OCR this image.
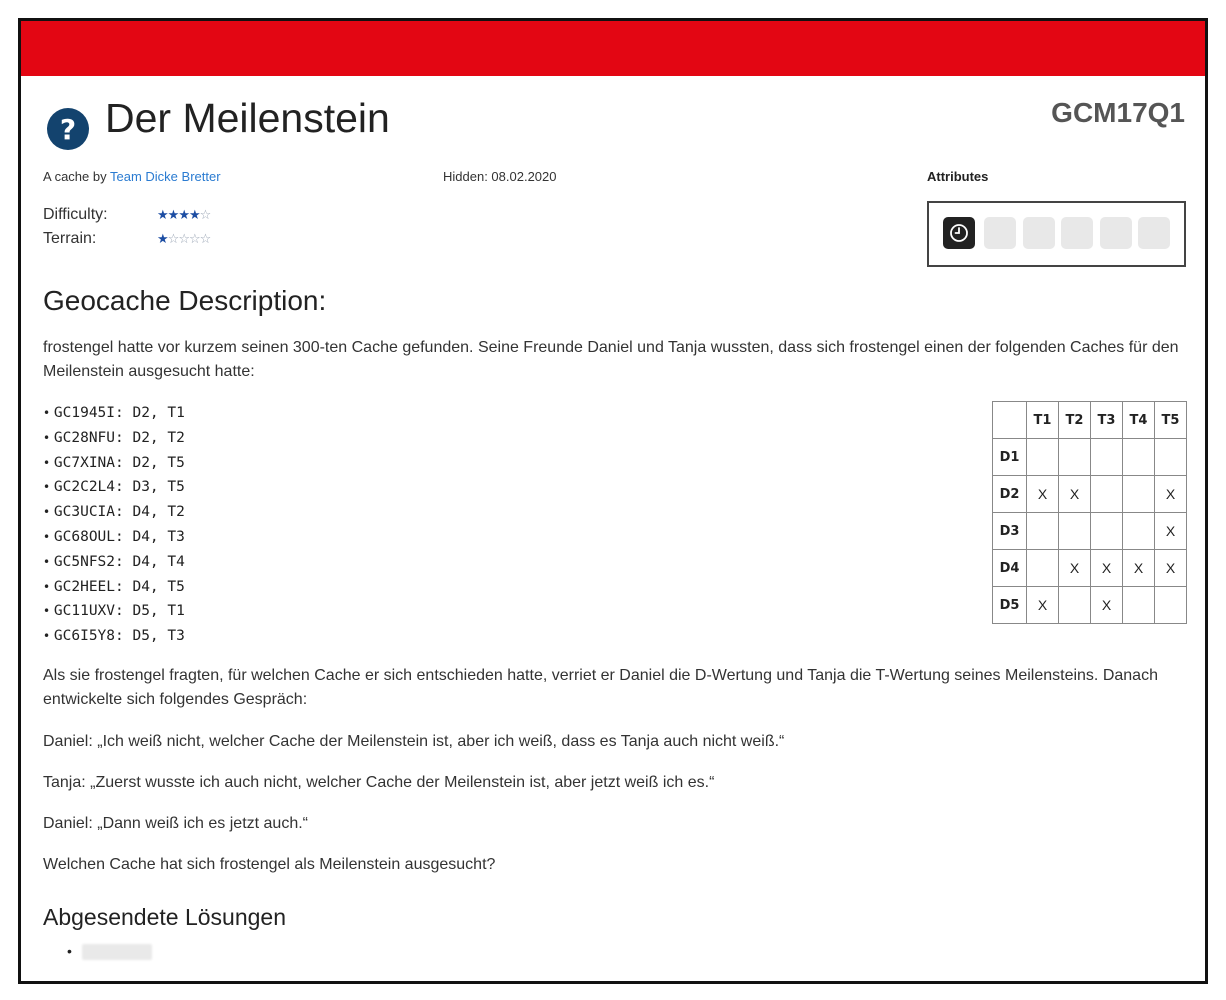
? Der Meilenstein	GCM17Q1
A cache by Team Dicke Bretter	Hidden: 08.02.2020	Attributes
Difficulty:	★★★★☆
Terrain:	★☆☆☆☆
Geocache Description:

frostengel hatte vor kurzem seinen 300-ten Cache gefunden. Seine Freunde Daniel und Tanja wussten, dass sich frostengel einen der folgenden Caches für den Meilenstein ausgesucht hatte:

• GC1945I: D2, T1
• GC28NFU: D2, T2
• GC7XINA: D2, T5
• GC2C2L4: D3, T5
• GC3UCIA: D4, T2
• GC68OUL: D4, T3
• GC5NFS2: D4, T4
• GC2HEEL: D4, T5
• GC11UXV: D5, T1
• GC6I5Y8: D5, T3
	T1	T2	T3	T4	T5
D1					
D2	X	X			X
D3					X
D4		X	X	X	X
D5	X		X		

Als sie frostengel fragten, für welchen Cache er sich entschieden hatte, verriet er Daniel die D-Wertung und Tanja die T-Wertung seines Meilensteins. Danach entwickelte sich folgendes Gespräch:

Daniel: „Ich weiß nicht, welcher Cache der Meilenstein ist, aber ich weiß, dass es Tanja auch nicht weiß.“

Tanja: „Zuerst wusste ich auch nicht, welcher Cache der Meilenstein ist, aber jetzt weiß ich es.“

Daniel: „Dann weiß ich es jetzt auch.“

Welchen Cache hat sich frostengel als Meilenstein ausgesucht?

Abgesendete Lösungen
•
